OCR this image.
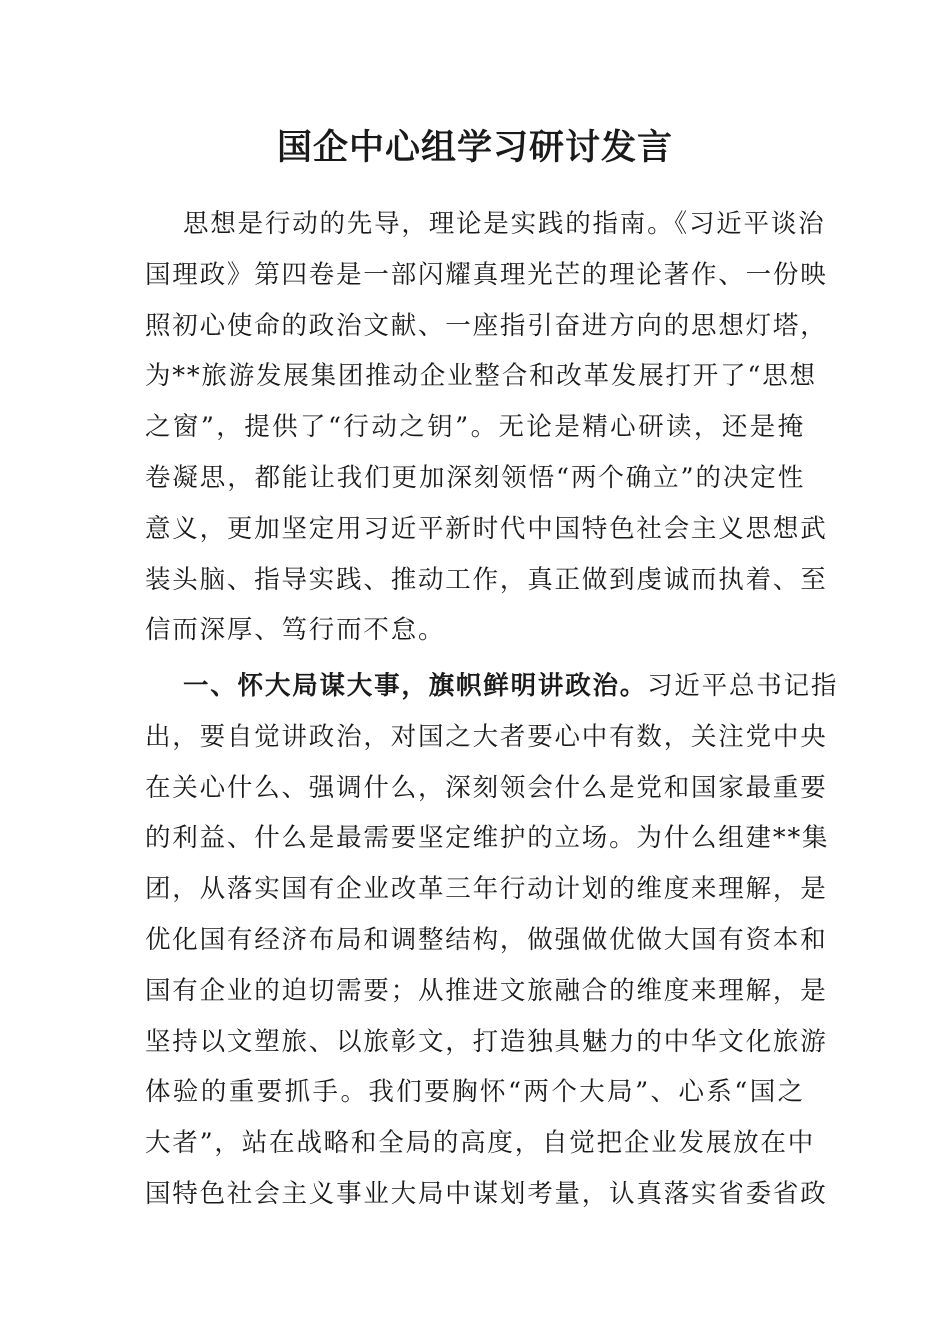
国企中心组学习研讨发言
思想是行动的先导，理论是实践的指南。《习近平谈治
国理政》第四卷是一部闪耀真理光芒的理论著作、一份映
照初心使命的政治文献、一座指引奋进方向的思想灯塔，
为**旅游发展集团推动企业整合和改革发展打开了“思想
之窗”，提供了“行动之钥”。无论是精心研读，还是掩
卷凝思，都能让我们更加深刻领悟“两个确立”的决定性
意义，更加坚定用习近平新时代中国特色社会主义思想武
装头脑、指导实践、推动工作，真正做到虔诚而执着、至
信而深厚、笃行而不怠。
一、怀大局谋大事，旗帜鲜明讲政治。习近平总书记指
出，要自觉讲政治，对国之大者要心中有数，关注党中央
在关心什么、强调什么，深刻领会什么是党和国家最重要
的利益、什么是最需要坚定维护的立场。为什么组建**集
团，从落实国有企业改革三年行动计划的维度来理解，是
优化国有经济布局和调整结构，做强做优做大国有资本和
国有企业的迫切需要；从推进文旅融合的维度来理解，是
坚持以文塑旅、以旅彰文，打造独具魅力的中华文化旅游
体验的重要抓手。我们要胸怀“两个大局”、心系“国之
大者”，站在战略和全局的高度，自觉把企业发展放在中
国特色社会主义事业大局中谋划考量，认真落实省委省政
